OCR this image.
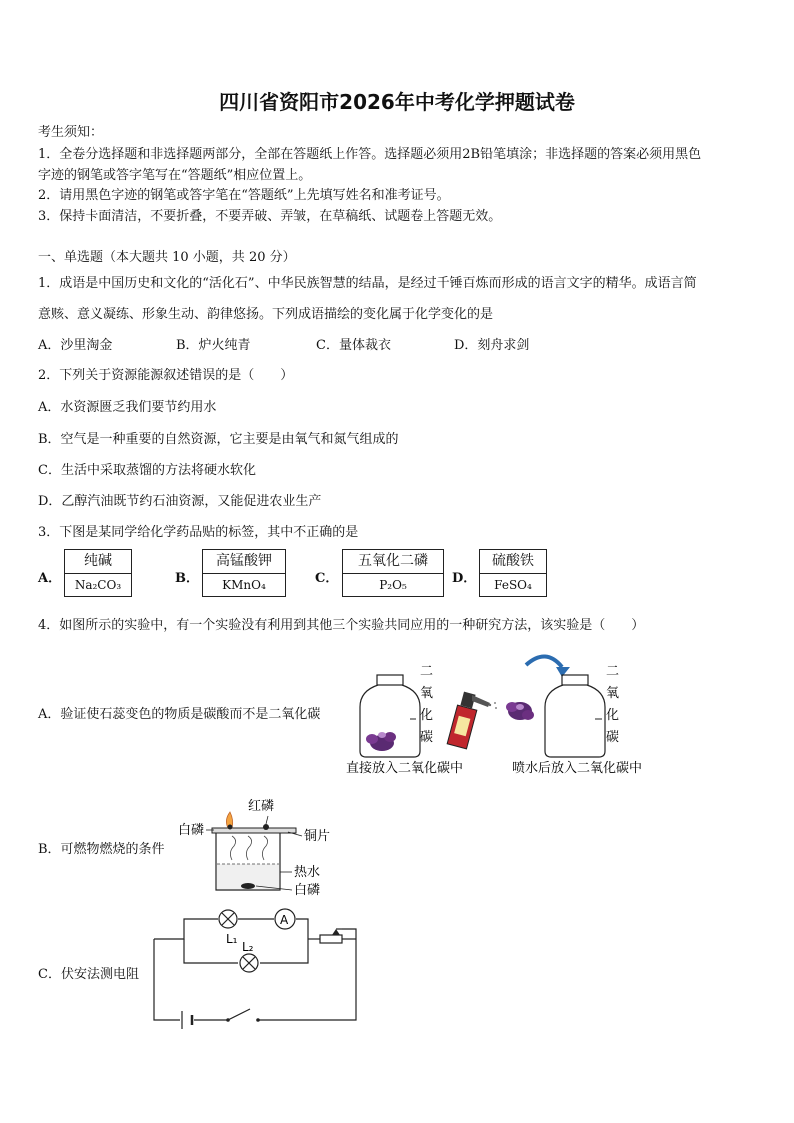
四川省资阳市2026年中考化学押题试卷
考生须知：
1．全卷分选择题和非选择题两部分，全部在答题纸上作答。选择题必须用2B铅笔填涂；非选择题的答案必须用黑色
字迹的钢笔或答字笔写在“答题纸”相应位置上。
2．请用黑色字迹的钢笔或答字笔在“答题纸”上先填写姓名和准考证号。
3．保持卡面清洁，不要折叠，不要弄破、弄皱，在草稿纸、试题卷上答题无效。
一、单选题（本大题共 10 小题，共 20 分）
1．成语是中国历史和文化的“活化石”、中华民族智慧的结晶，是经过千锤百炼而形成的语言文字的精华。成语言简
意赅、意义凝练、形象生动、韵律悠扬。下列成语描绘的变化属于化学变化的是
A．沙里淘金	B．炉火纯青	C．量体裁衣	D．刻舟求剑
2．下列关于资源能源叙述错误的是（　　）
A．水资源匮乏我们要节约用水
B．空气是一种重要的自然资源，它主要是由氧气和氮气组成的
C．生活中采取蒸馏的方法将硬水软化
D．乙醇汽油既节约石油资源，又能促进农业生产
3．下图是某同学给化学药品贴的标签，其中不正确的是
A．
纯碱
Na₂CO₃	B．
高锰酸钾
KMnO₄	C．
五氧化二磷
P₂O₅	D．
硫酸铁
FeSO₄
4．如图所示的实验中，有一个实验没有利用到其他三个实验共同应用的一种研究方法，该实验是（　　）
A．验证使石蕊变色的物质是碳酸而不是二氧化碳
二
氧
化
碳
二
氧
化
碳
直接放入二氧化碳中	喷水后放入二氧化碳中
B．可燃物燃烧的条件
红磷
白磷	铜片
热水
白磷
C．伏安法测电阻
L₁
A
L₂
